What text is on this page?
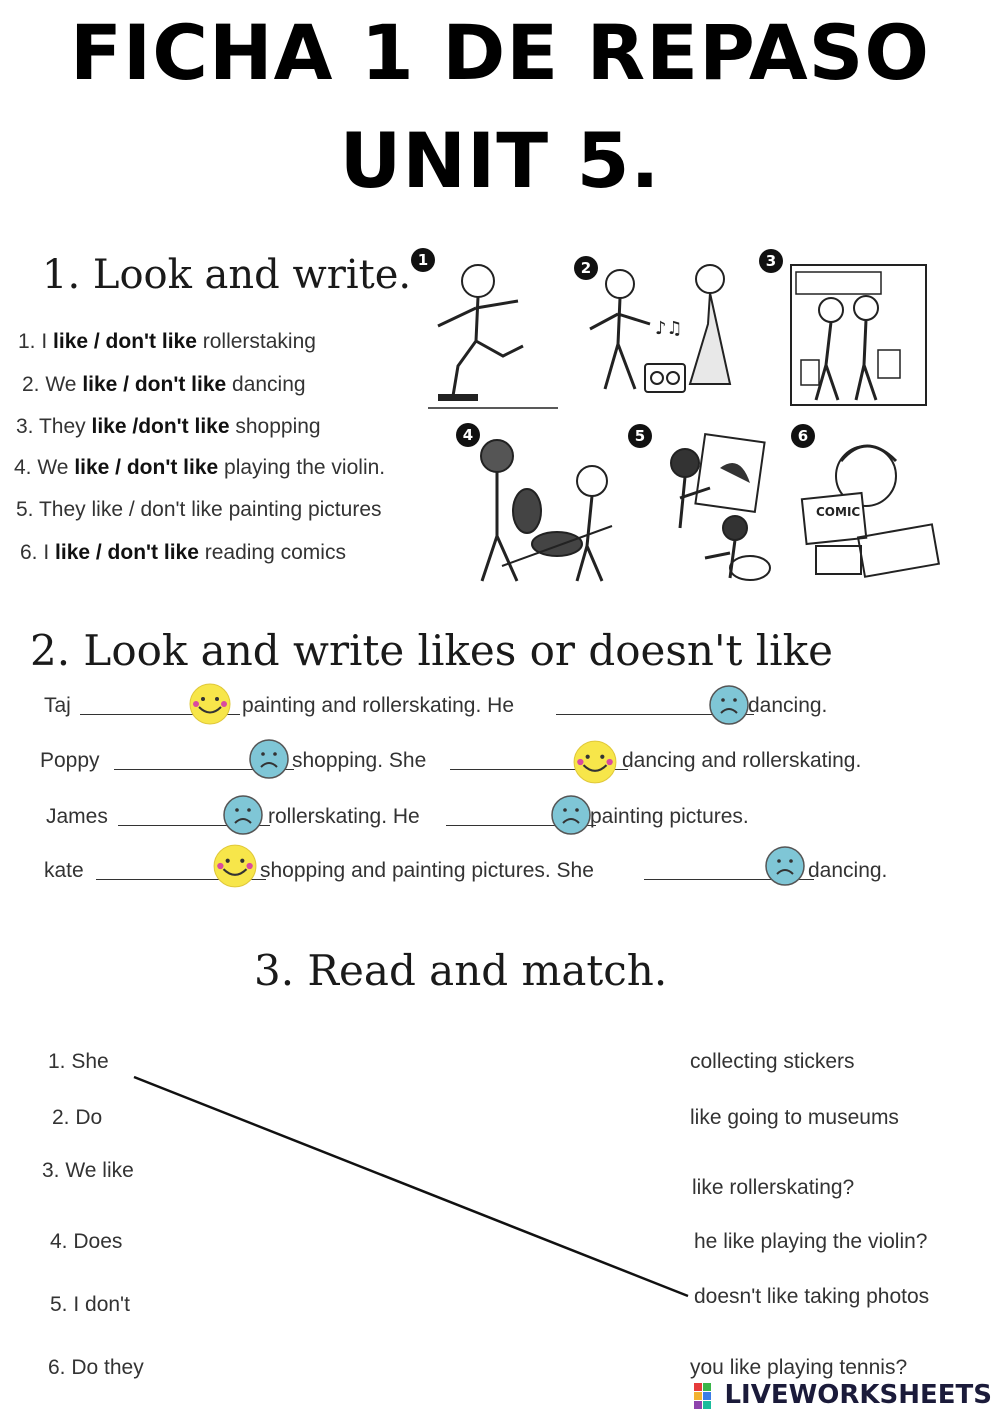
FICHA 1 DE REPASO
UNIT 5.
1. Look and write.
1. I like / don't like rollerstaking
2. We like / don't like dancing
3. They like /don't like shopping
4. We like / don't like playing the violin.
5. They like / don't like painting pictures
6. I like / don't like reading comics
1
♪♫
2	3
4	5
COMIC
6
2. Look and write likes or doesn't like
Taj	painting and rollerskating. He	dancing.
Poppy	shopping. She	dancing and rollerskating.
James	rollerskating. He	painting pictures.
kate	shopping and painting pictures. She	dancing.
3. Read and match.
1. She
2. Do
3. We like
4. Does
5. I don't
6. Do they
collecting stickers
like going to museums
like rollerskating?
he like playing the violin?
doesn't like taking photos
you like playing tennis?
LIVEWORKSHEETS
